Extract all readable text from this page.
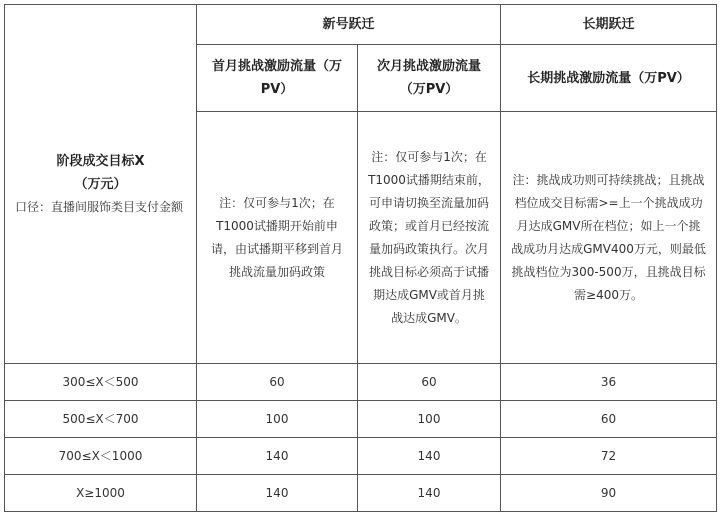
阶段成交目标X
（万元）
口径：直播间服饰类目支付金额	新号跃迁		长期跃迁
	首月挑战激励流量（万PV）	次月挑战激励流量（万PV）	长期挑战激励流量（万PV）
	注：仅可参与1次；在T1000试播期开始前申请，由试播期平移到首月挑战流量加码政策	注：仅可参与1次；在T1000试播期结束前，可申请切换至流量加码政策；或首月已经按流量加码政策执行。次月挑战目标必须高于试播期达成GMV或首月挑战达成GMV。	注：挑战成功则可持续挑战；且挑战档位成交目标需>=上一个挑战成功月达成GMV所在档位；如上一个挑战成功月达成GMV400万元，则最低挑战档位为300-500万，且挑战目标需≥400万。
300≤X＜500	60	60	36
500≤X＜700	100	100	60
700≤X＜1000	140	140	72
X≥1000	140	140	90
